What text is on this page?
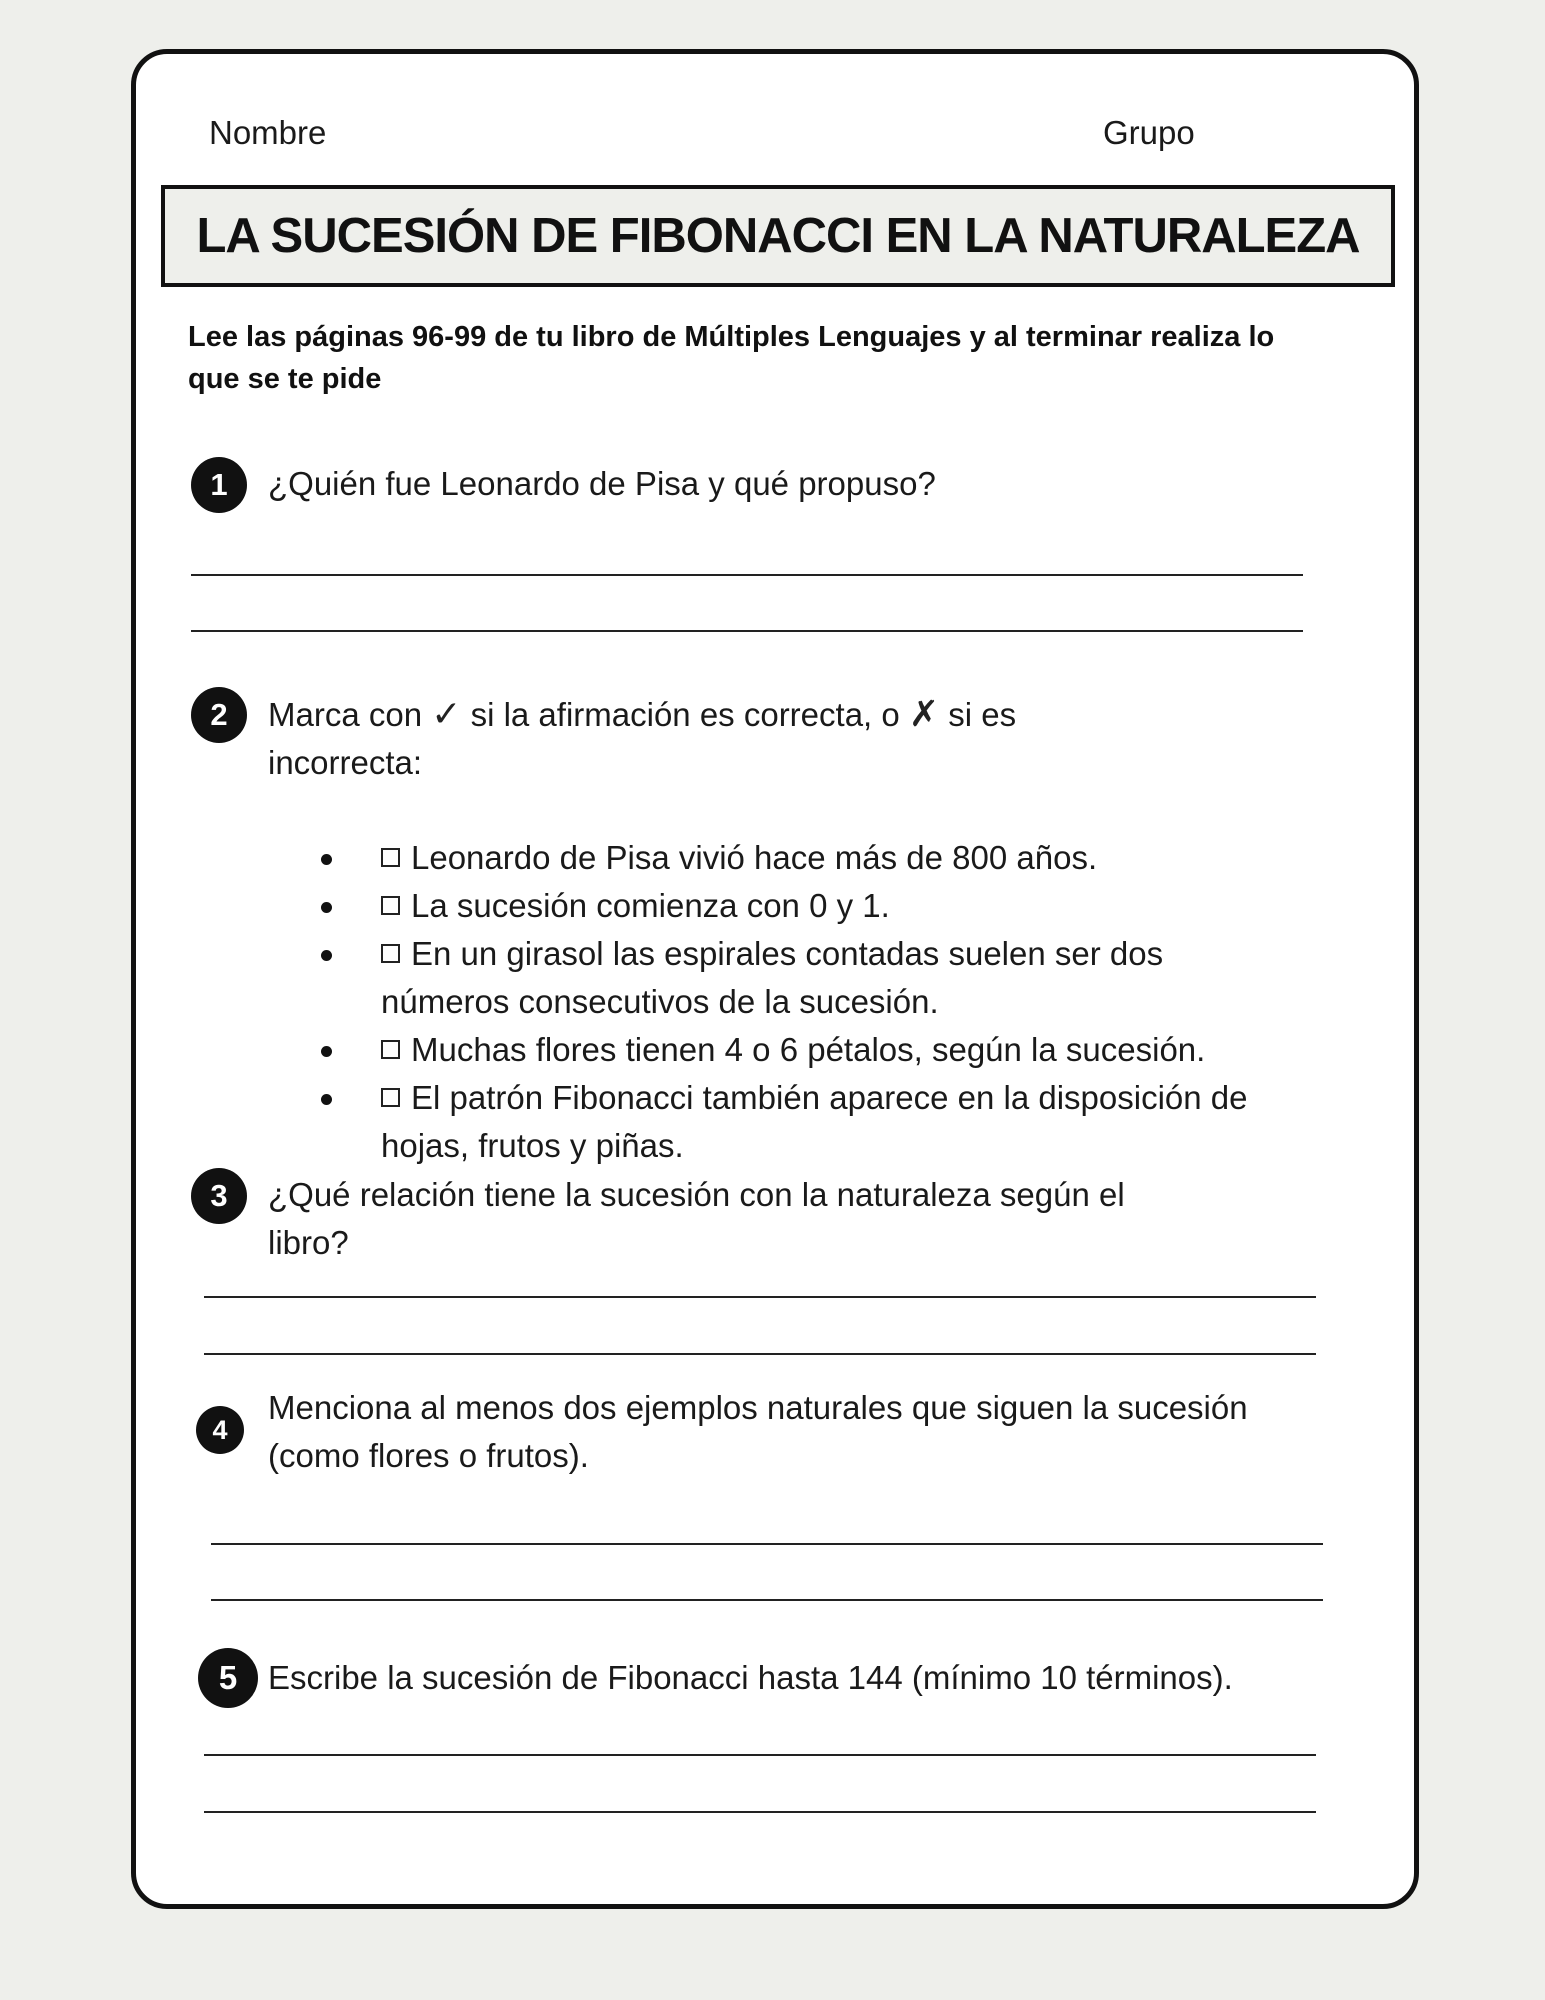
Nombre	Grupo
LA SUCESIÓN DE FIBONACCI EN LA NATURALEZA
Lee las páginas 96-99 de tu libro de Múltiples Lenguajes y al terminar realiza lo que se te pide
1	¿Quién fue Leonardo de Pisa y qué propuso?
2	Marca con ✓ si la afirmación es correcta, o ✗ si es incorrecta:
Leonardo de Pisa vivió hace más de 800 años.
La sucesión comienza con 0 y 1.
En un girasol las espirales contadas suelen ser dos números consecutivos de la sucesión.
Muchas flores tienen 4 o 6 pétalos, según la sucesión.
El patrón Fibonacci también aparece en la disposición de hojas, frutos y piñas.
3	¿Qué relación tiene la sucesión con la naturaleza según el libro?
4
Menciona al menos dos ejemplos naturales que siguen la sucesión (como flores o frutos).
5 Escribe la sucesión de Fibonacci hasta 144 (mínimo 10 términos).
